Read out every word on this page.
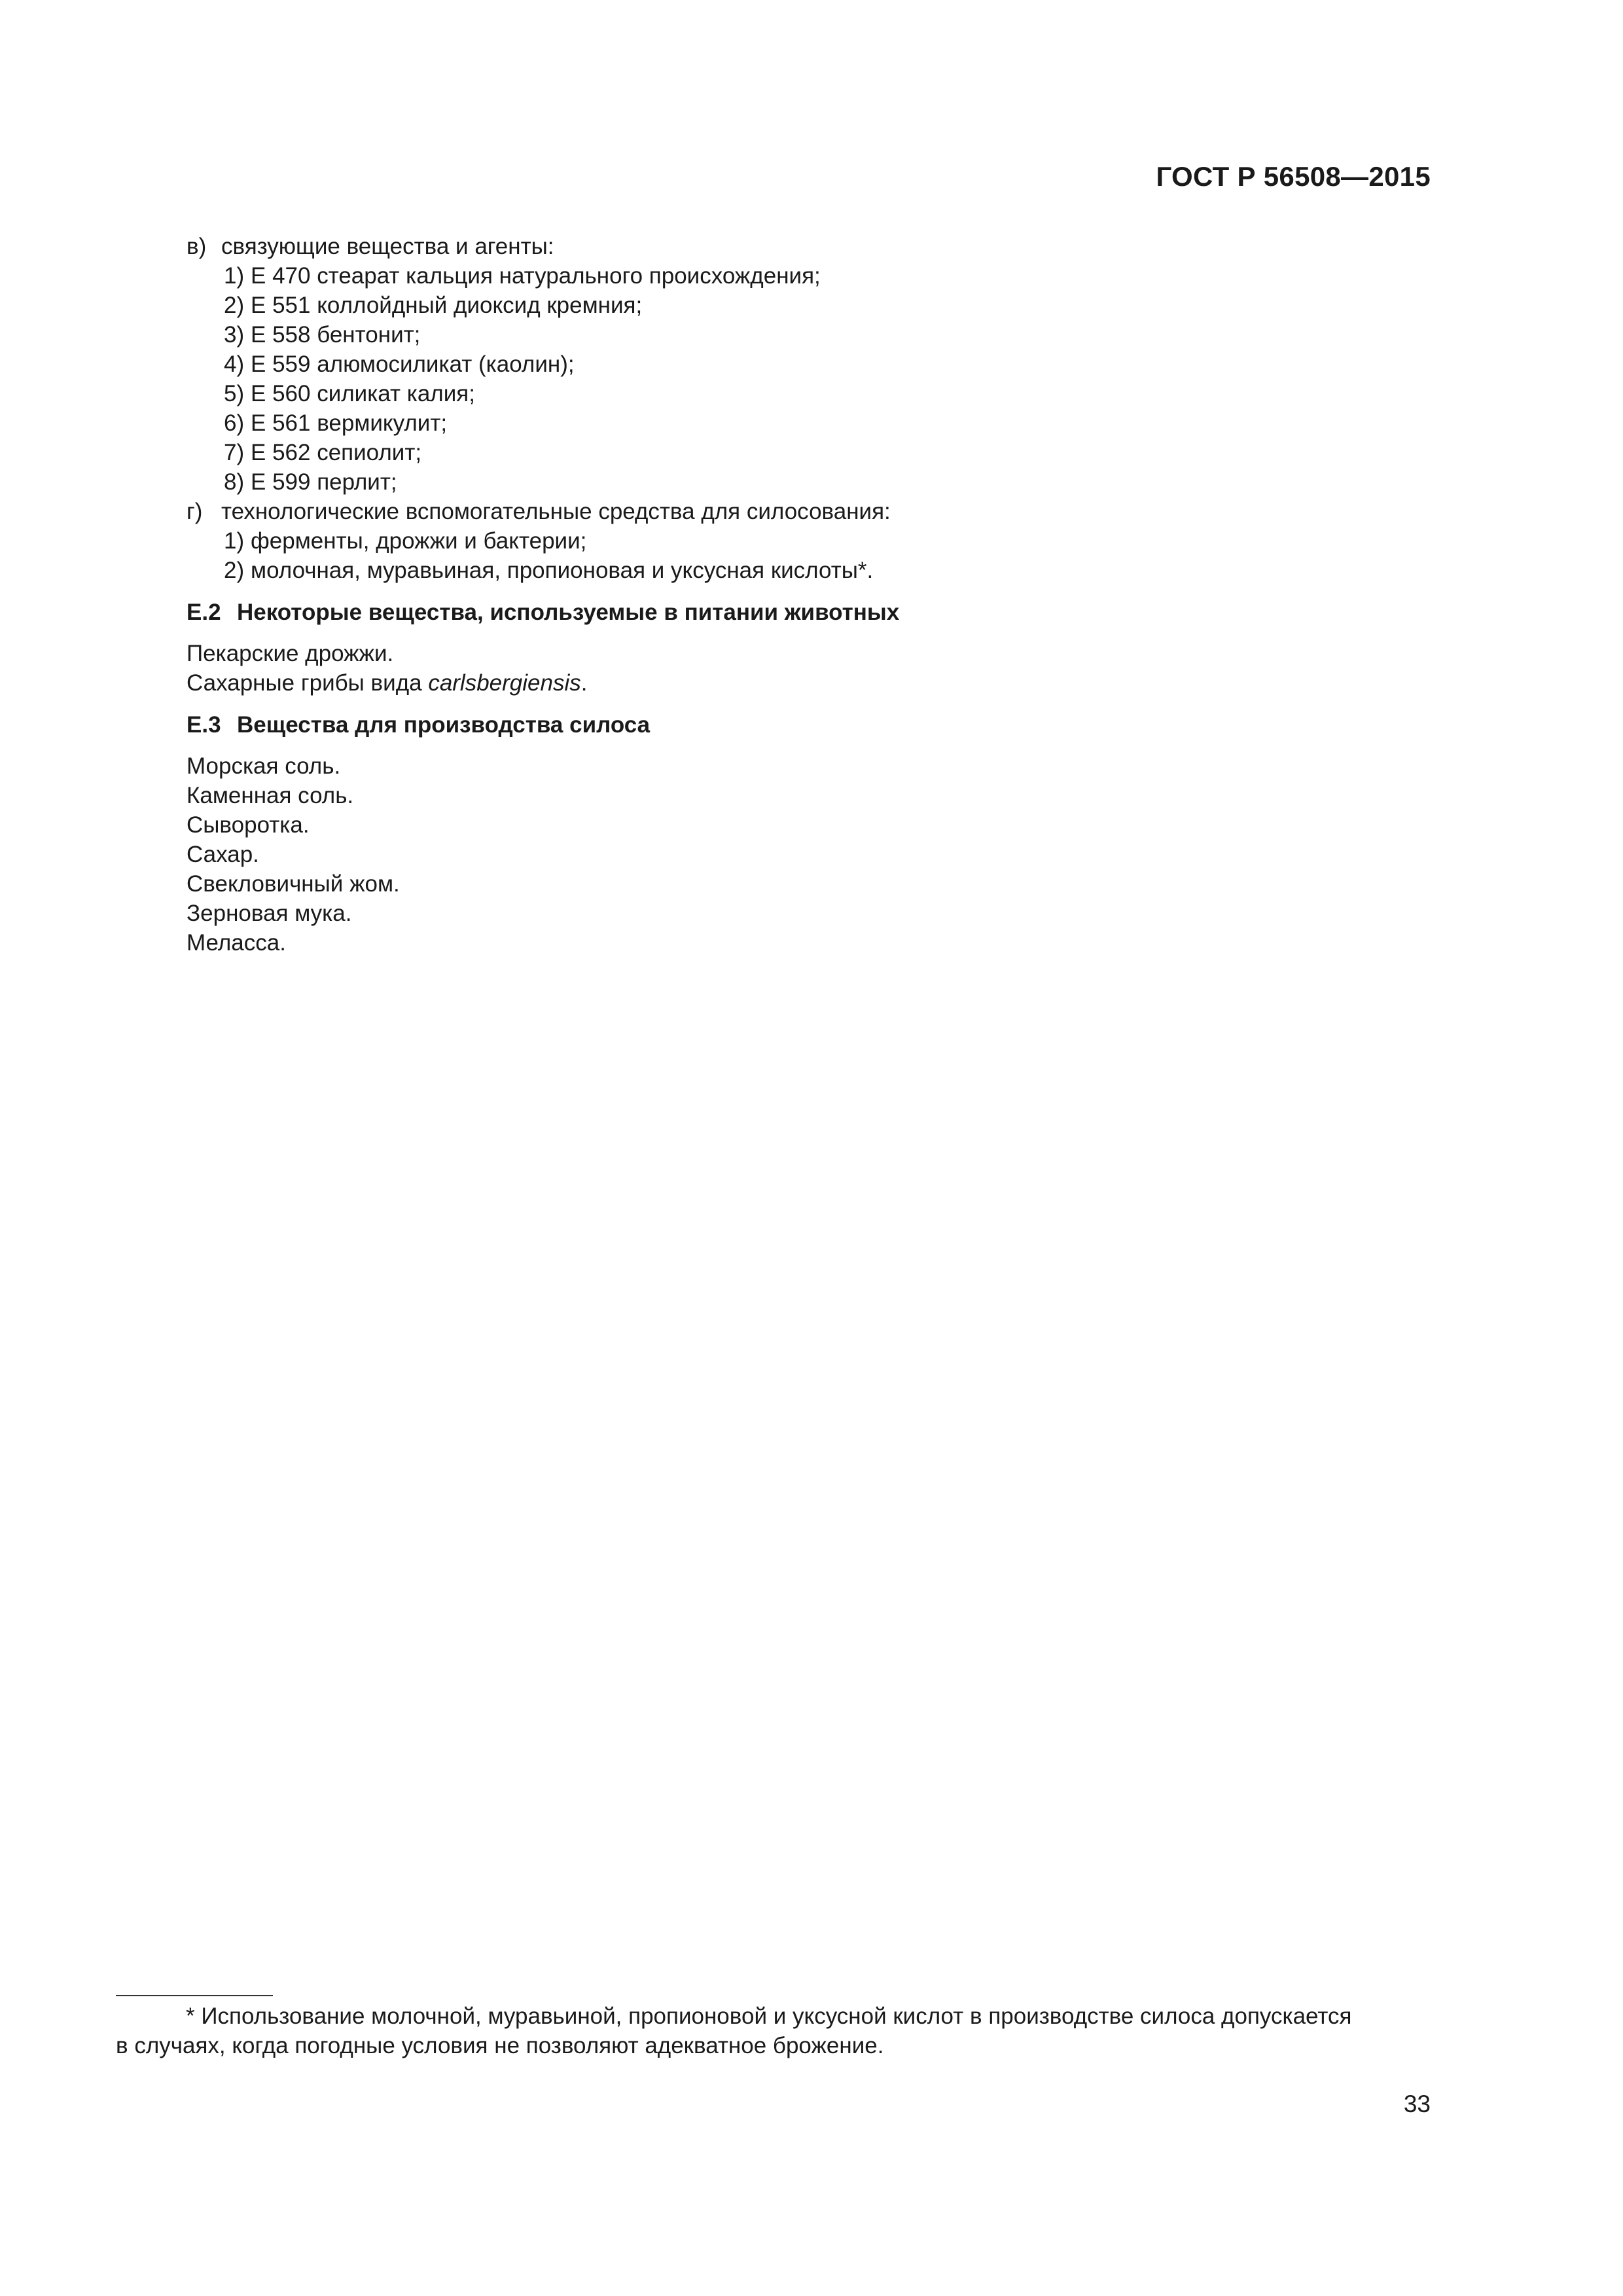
ГОСТ Р 56508—2015
в) связующие вещества и агенты:
1) Е 470 стеарат кальция натурального происхождения;
2) Е 551 коллойдный диоксид кремния;
3) Е 558 бентонит;
4) Е 559 алюмосиликат (каолин);
5) Е 560 силикат калия;
6) Е 561 вермикулит;
7) Е 562 сепиолит;
8) Е 599 перлит;
г) технологические вспомогательные средства для силосования:
1) ферменты, дрожжи и бактерии;
2) молочная, муравьиная, пропионовая и уксусная кислоты*.
Е.2 Некоторые вещества, используемые в питании животных
Пекарские дрожжи.
Сахарные грибы вида carlsbergiensis.
Е.3 Вещества для производства силоса
Морская соль.
Каменная соль.
Сыворотка.
Сахар.
Свекловичный жом.
Зерновая мука.
Меласса.
* Использование молочной, муравьиной, пропионовой и уксусной кислот в производстве силоса допускается
в случаях, когда погодные условия не позволяют адекватное брожение.
33
